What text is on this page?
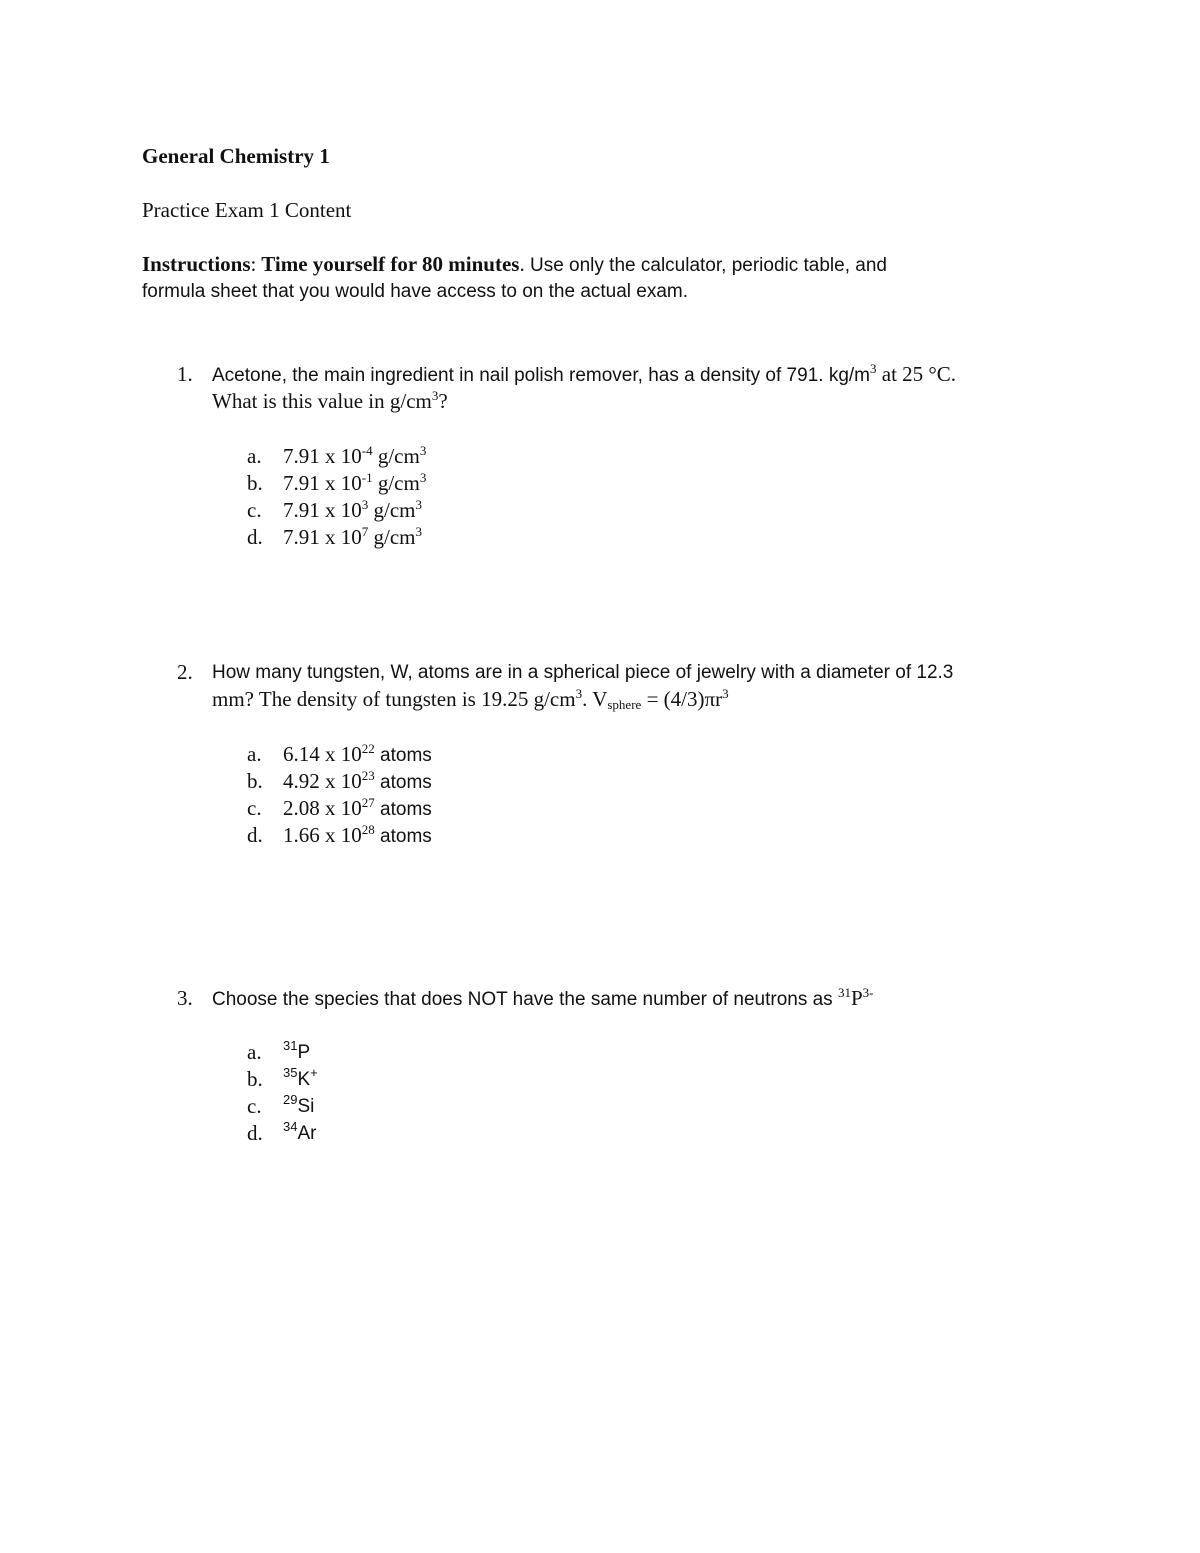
General Chemistry 1
Practice Exam 1 Content
Instructions: Time yourself for 80 minutes. Use only the calculator, periodic table, and
formula sheet that you would have access to on the actual exam.
1. Acetone, the main ingredient in nail polish remover, has a density of 791. $kg/m^3$ at 25 °C.
What is this value in $g/cm^3$?
a. 7.91 x $10^{-4}$ $g/cm^3$
b. 7.91 x $10^{-1}$ $g/cm^3$
c. 7.91 x $10^3$ $g/cm^3$
d. 7.91 x $10^7$ $g/cm^3$
2. How many tungsten, W, atoms are in a spherical piece of jewelry with a diameter of 12.3
mm? The density of tungsten is 19.25 $g/cm^3$. $V_{sphere} = (4/3)\pi r^3$
a. 6.14 x $10^{22}$ atoms
b. 4.92 x $10^{23}$ atoms
c. 2.08 x $10^{27}$ atoms
d. 1.66 x $10^{28}$ atoms
3. Choose the species that does NOT have the same number of neutrons as $^{31}P^{3-}$
a. $^{31}$P
b. $^{35}$K+
c. $^{29}$Si
d. $^{34}$Ar
